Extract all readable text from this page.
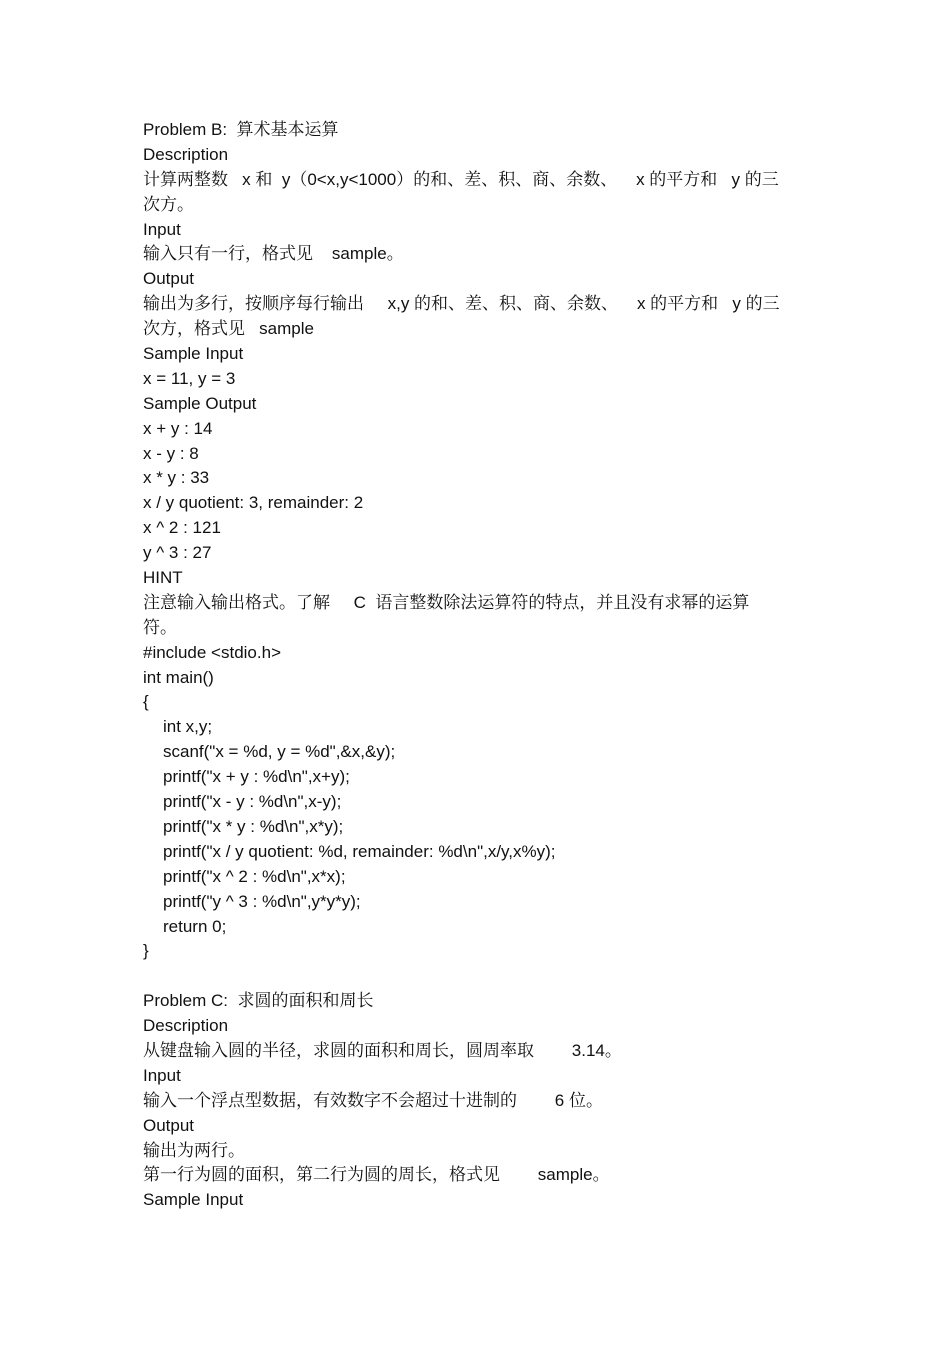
Problem B:  算术基本运算
Description
计算两整数   x 和  y（0<x,y<1000）的和、差、积、商、余数、    x 的平方和   y 的三
次方。
Input
输入只有一行，格式见    sample。
Output
输出为多行，按顺序每行输出     x,y 的和、差、积、商、余数、    x 的平方和   y 的三
次方，格式见   sample
Sample Input
x = 11, y = 3
Sample Output
x + y : 14
x - y : 8
x * y : 33
x / y quotient: 3, remainder: 2
x ^ 2 : 121
y ^ 3 : 27
HINT
注意输入输出格式。了解     C  语言整数除法运算符的特点，并且没有求幂的运算
符。
#include <stdio.h>
int main()
{
int x,y;
scanf("x = %d, y = %d",&x,&y);
printf("x + y : %d\n",x+y);
printf("x - y : %d\n",x-y);
printf("x * y : %d\n",x*y);
printf("x / y quotient: %d, remainder: %d\n",x/y,x%y);
printf("x ^ 2 : %d\n",x*x);
printf("y ^ 3 : %d\n",y*y*y);
return 0;
}
Problem C:  求圆的面积和周长
Description
从键盘输入圆的半径，求圆的面积和周长，圆周率取        3.14。
Input
输入一个浮点型数据，有效数字不会超过十进制的        6 位。
Output
输出为两行。
第一行为圆的面积，第二行为圆的周长，格式见        sample。
Sample Input
